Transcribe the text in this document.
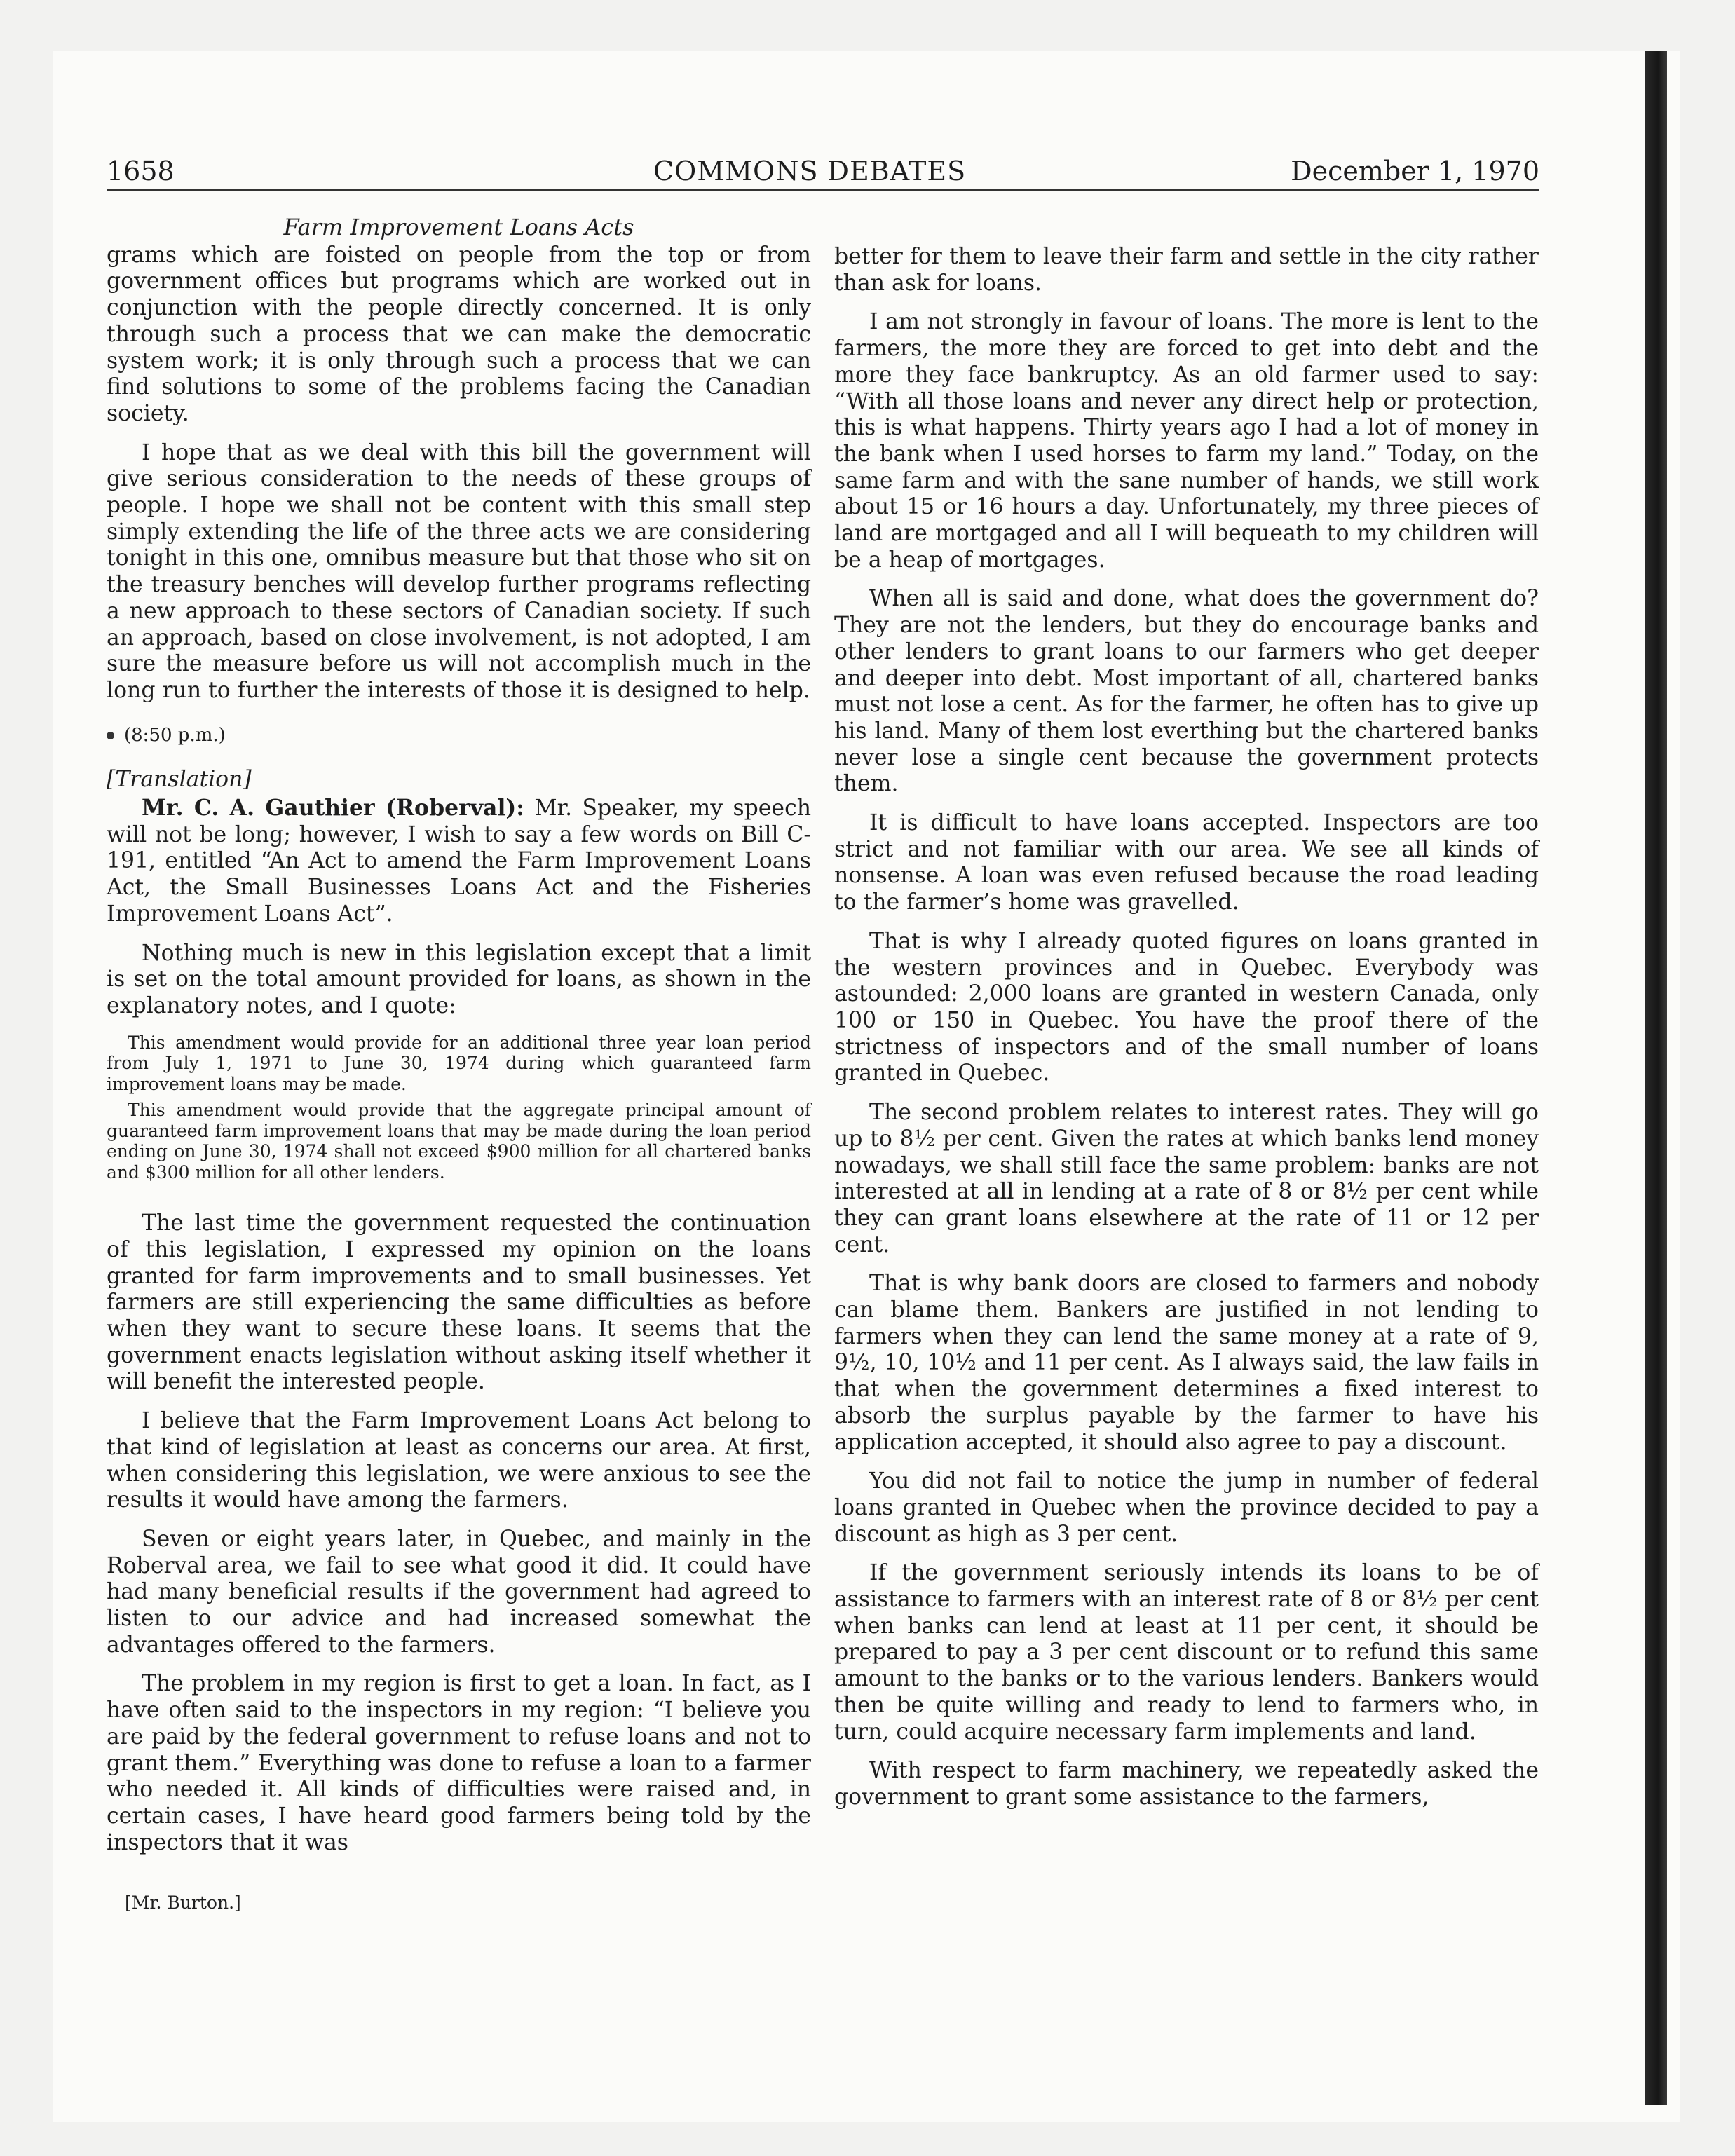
1658	COMMONS DEBATES	December 1, 1970

Farm Improvement Loans Acts

grams which are foisted on people from the top or from government offices but programs which are worked out in conjunction with the people directly concerned. It is only through such a process that we can make the democratic system work; it is only through such a process that we can find solutions to some of the problems facing the Canadian society.

I hope that as we deal with this bill the government will give serious consideration to the needs of these groups of people. I hope we shall not be content with this small step simply extending the life of the three acts we are considering tonight in this one, omnibus measure but that those who sit on the treasury benches will develop further programs reflecting a new approach to these sectors of Canadian society. If such an approach, based on close involvement, is not adopted, I am sure the measure before us will not accomplish much in the long run to further the interests of those it is designed to help.

(8:50 p.m.)

[Translation]

Mr. C. A. Gauthier (Roberval): Mr. Speaker, my speech will not be long; however, I wish to say a few words on Bill C-191, entitled “An Act to amend the Farm Improvement Loans Act, the Small Businesses Loans Act and the Fisheries Improvement Loans Act”.

Nothing much is new in this legislation except that a limit is set on the total amount provided for loans, as shown in the explanatory notes, and I quote:

This amendment would provide for an additional three year loan period from July 1, 1971 to June 30, 1974 during which guaranteed farm improvement loans may be made.

This amendment would provide that the aggregate principal amount of guaranteed farm improvement loans that may be made during the loan period ending on June 30, 1974 shall not exceed $900 million for all chartered banks and $300 million for all other lenders.

The last time the government requested the continuation of this legislation, I expressed my opinion on the loans granted for farm improvements and to small businesses. Yet farmers are still experiencing the same difficulties as before when they want to secure these loans. It seems that the government enacts legislation without asking itself whether it will benefit the interested people.

I believe that the Farm Improvement Loans Act belong to that kind of legislation at least as concerns our area. At first, when considering this legislation, we were anxious to see the results it would have among the farmers.

Seven or eight years later, in Quebec, and mainly in the Roberval area, we fail to see what good it did. It could have had many beneficial results if the government had agreed to listen to our advice and had increased somewhat the advantages offered to the farmers.

The problem in my region is first to get a loan. In fact, as I have often said to the inspectors in my region: “I believe you are paid by the federal government to refuse loans and not to grant them.” Everything was done to refuse a loan to a farmer who needed it. All kinds of difficulties were raised and, in certain cases, I have heard good farmers being told by the inspectors that it was

[Mr. Burton.]

better for them to leave their farm and settle in the city rather than ask for loans.

I am not strongly in favour of loans. The more is lent to the farmers, the more they are forced to get into debt and the more they face bankruptcy. As an old farmer used to say: “With all those loans and never any direct help or protection, this is what happens. Thirty years ago I had a lot of money in the bank when I used horses to farm my land.” Today, on the same farm and with the sane number of hands, we still work about 15 or 16 hours a day. Unfortunately, my three pieces of land are mortgaged and all I will bequeath to my children will be a heap of mortgages.

When all is said and done, what does the government do? They are not the lenders, but they do encourage banks and other lenders to grant loans to our farmers who get deeper and deeper into debt. Most important of all, chartered banks must not lose a cent. As for the farmer, he often has to give up his land. Many of them lost everthing but the chartered banks never lose a single cent because the government protects them.

It is difficult to have loans accepted. Inspectors are too strict and not familiar with our area. We see all kinds of nonsense. A loan was even refused because the road leading to the farmer’s home was gravelled.

That is why I already quoted figures on loans granted in the western provinces and in Quebec. Everybody was astounded: 2,000 loans are granted in western Canada, only 100 or 150 in Quebec. You have the proof there of the strictness of inspectors and of the small number of loans granted in Quebec.

The second problem relates to interest rates. They will go up to 8½ per cent. Given the rates at which banks lend money nowadays, we shall still face the same problem: banks are not interested at all in lending at a rate of 8 or 8½ per cent while they can grant loans elsewhere at the rate of 11 or 12 per cent.

That is why bank doors are closed to farmers and nobody can blame them. Bankers are justified in not lending to farmers when they can lend the same money at a rate of 9, 9½, 10, 10½ and 11 per cent. As I always said, the law fails in that when the government determines a fixed interest to absorb the surplus payable by the farmer to have his application accepted, it should also agree to pay a discount.

You did not fail to notice the jump in number of federal loans granted in Quebec when the province decided to pay a discount as high as 3 per cent.

If the government seriously intends its loans to be of assistance to farmers with an interest rate of 8 or 8½ per cent when banks can lend at least at 11 per cent, it should be prepared to pay a 3 per cent discount or to refund this same amount to the banks or to the various lenders. Bankers would then be quite willing and ready to lend to farmers who, in turn, could acquire necessary farm implements and land.

With respect to farm machinery, we repeatedly asked the government to grant some assistance to the farmers,
